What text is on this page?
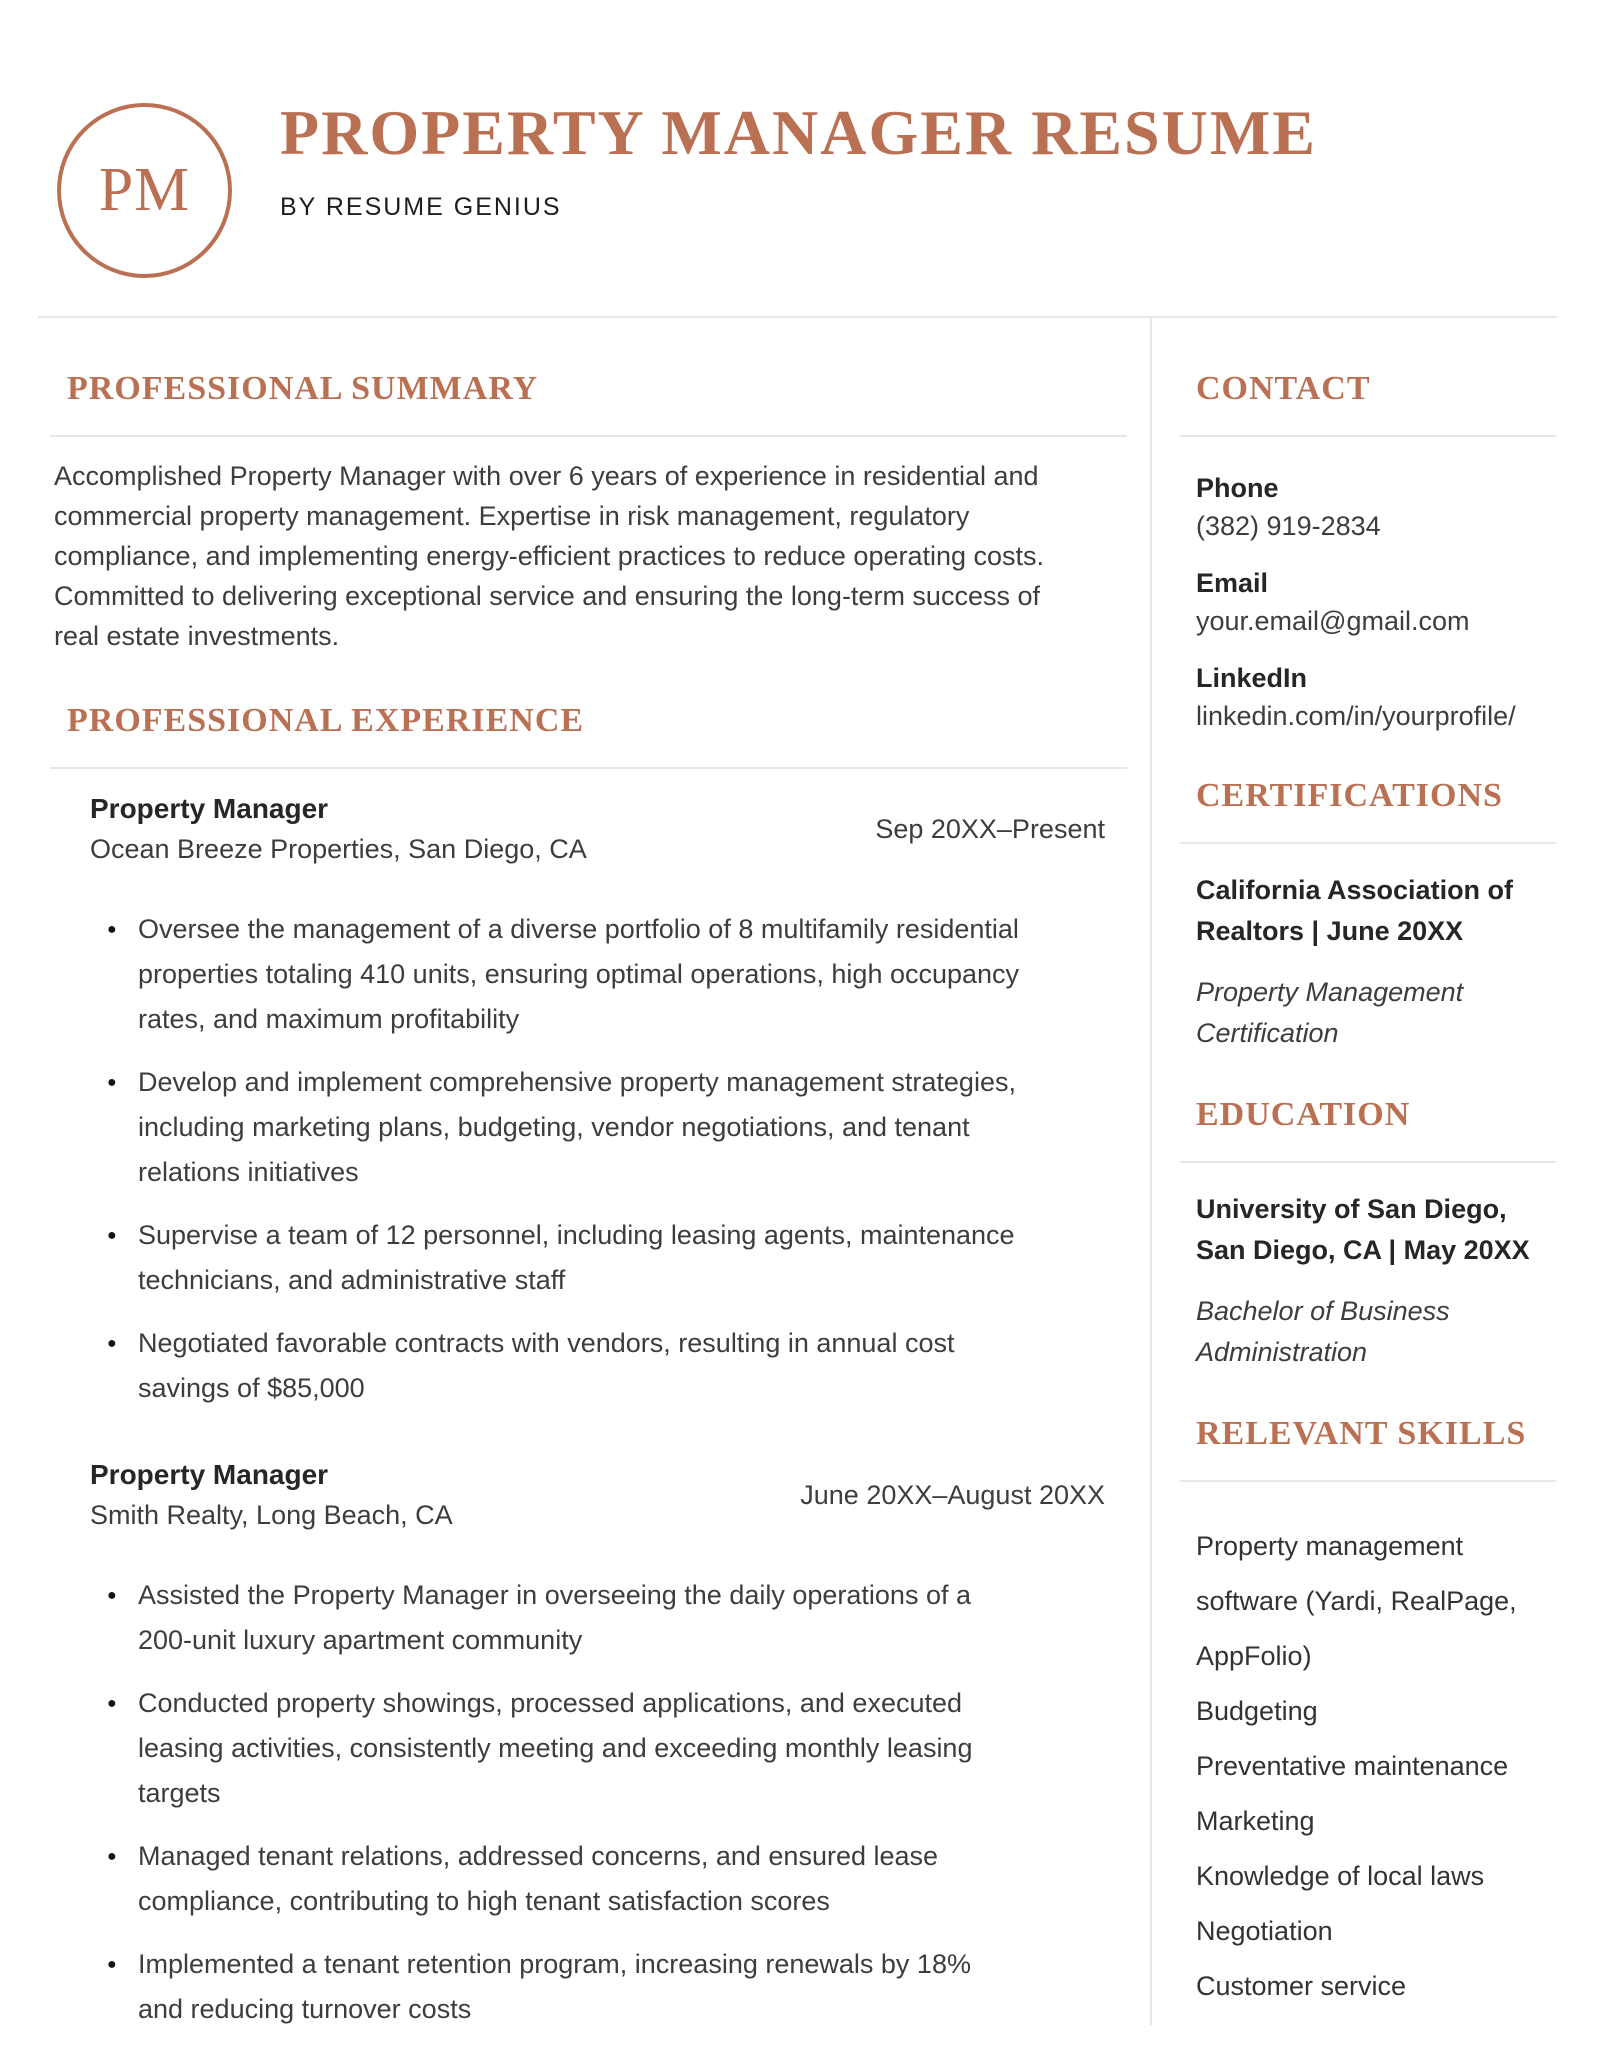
PM
PROPERTY MANAGER RESUME
BY RESUME GENIUS
PROFESSIONAL SUMMARY

Accomplished Property Manager with over 6 years of experience in residential and commercial property management. Expertise in risk management, regulatory compliance, and implementing energy-efficient practices to reduce operating costs. Committed to delivering exceptional service and ensuring the long-term success of real estate investments.

PROFESSIONAL EXPERIENCE
Property Manager
Ocean Breeze Properties, San Diego, CA
Sep 20XX–Present
● Oversee the management of a diverse portfolio of 8 multifamily residential properties totaling 410 units, ensuring optimal operations, high occupancy rates, and maximum profitability
● Develop and implement comprehensive property management strategies, including marketing plans, budgeting, vendor negotiations, and tenant relations initiatives
● Supervise a team of 12 personnel, including leasing agents, maintenance technicians, and administrative staff
● Negotiated favorable contracts with vendors, resulting in annual cost savings of $85,000
Property Manager
Smith Realty, Long Beach, CA
June 20XX–August 20XX
● Assisted the Property Manager in overseeing the daily operations of a 200-unit luxury apartment community
● Conducted property showings, processed applications, and executed leasing activities, consistently meeting and exceeding monthly leasing targets
● Managed tenant relations, addressed concerns, and ensured lease compliance, contributing to high tenant satisfaction scores
● Implemented a tenant retention program, increasing renewals by 18% and reducing turnover costs
CONTACT
Phone
(382) 919-2834
Email
your.email@gmail.com
LinkedIn
linkedin.com/in/yourprofile/
CERTIFICATIONS
California Association of Realtors | June 20XX
Property Management Certification
EDUCATION
University of San Diego, San Diego, CA | May 20XX
Bachelor of Business Administration
RELEVANT SKILLS
Property management software (Yardi, RealPage, AppFolio)
Budgeting
Preventative maintenance
Marketing
Knowledge of local laws
Negotiation
Customer service
